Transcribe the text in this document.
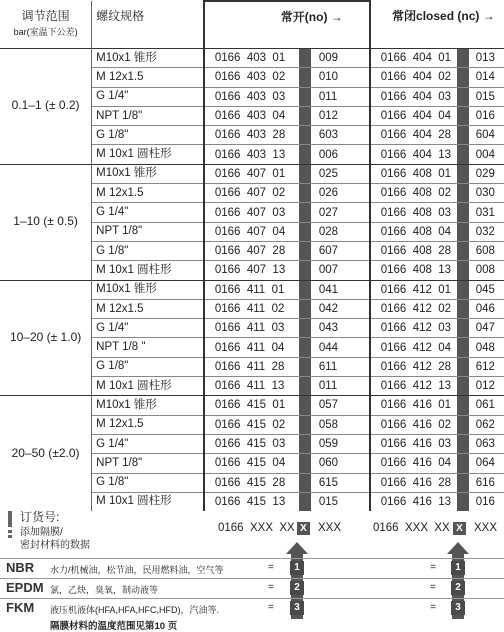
调节范围
bar(室温下公差)	螺纹规格	常开(no) →	常闭closed (nc) →
0.1–1 (± 0.2)	M10x1 锥形	0166  403  01 009	0166  404  01 013

	M 12x1.5	0166  403  02 010	0166  404  02 014

	G 1/4"	0166  403  03 011	0166  404  03 015

	NPT 1/8"	0166  403  04 012	0166  404  04 016

	G 1/8"	0166  403  28 603	0166  404  28 604

	M 10x1 圆柱形	0166  403  13 006	0166  404  13 004

1–10 (± 0.5)	M10x1 锥形	0166  407  01 025	0166  408  01 029

	M 12x1.5	0166  407  02 026	0166  408  02 030

	G 1/4"	0166  407  03 027	0166  408  03 031

	NPT 1/8"	0166  407  04 028	0166  408  04 032

	G 1/8"	0166  407  28 607	0166  408  28 608

	M 10x1 圆柱形	0166  407  13 007	0166  408  13 008

10–20 (± 1.0)	M10x1 锥形	0166  411  01 041	0166  412  01 045

	M 12x1.5	0166  411  02 042	0166  412  02 046

	G 1/4"	0166  411  03 043	0166  412  03 047

	NPT 1/8 "	0166  411  04 044	0166  412  04 048

	G 1/8"	0166  411  28 611	0166  412  28 612

	M 10x1 圆柱形	0166  411  13 011	0166  412  13 012

20–50 (±2.0)	M10x1 锥形	0166  415  01 057	0166  416  01 061

	M 12x1.5	0166  415  02 058	0166  416  02 062

	G 1/4"	0166  415  03 059	0166  416  03 063

	NPT 1/8"	0166  415  04 060	0166  416  04 064

	G 1/8"	0166  415  28 615	0166  416  28 616

	M 10x1 圆柱形	0166  415  13 015	0166  416  13 016
订货号:
添加隔膜/
密封材料的数据
0166  XXX  XX X XXX	0166  XXX  XX X XXX
NBR 水力/机械油，松节油，民用燃料油，空气等	=	1	=	1
EPDM 氯，乙炔，臭氧，制动液等	=	2	=	2
FKM 液压机液体(HFA,HFA,HFC,HFD)，汽油等.	=	3	=	3
隔膜材料的温度范围见第10 页
